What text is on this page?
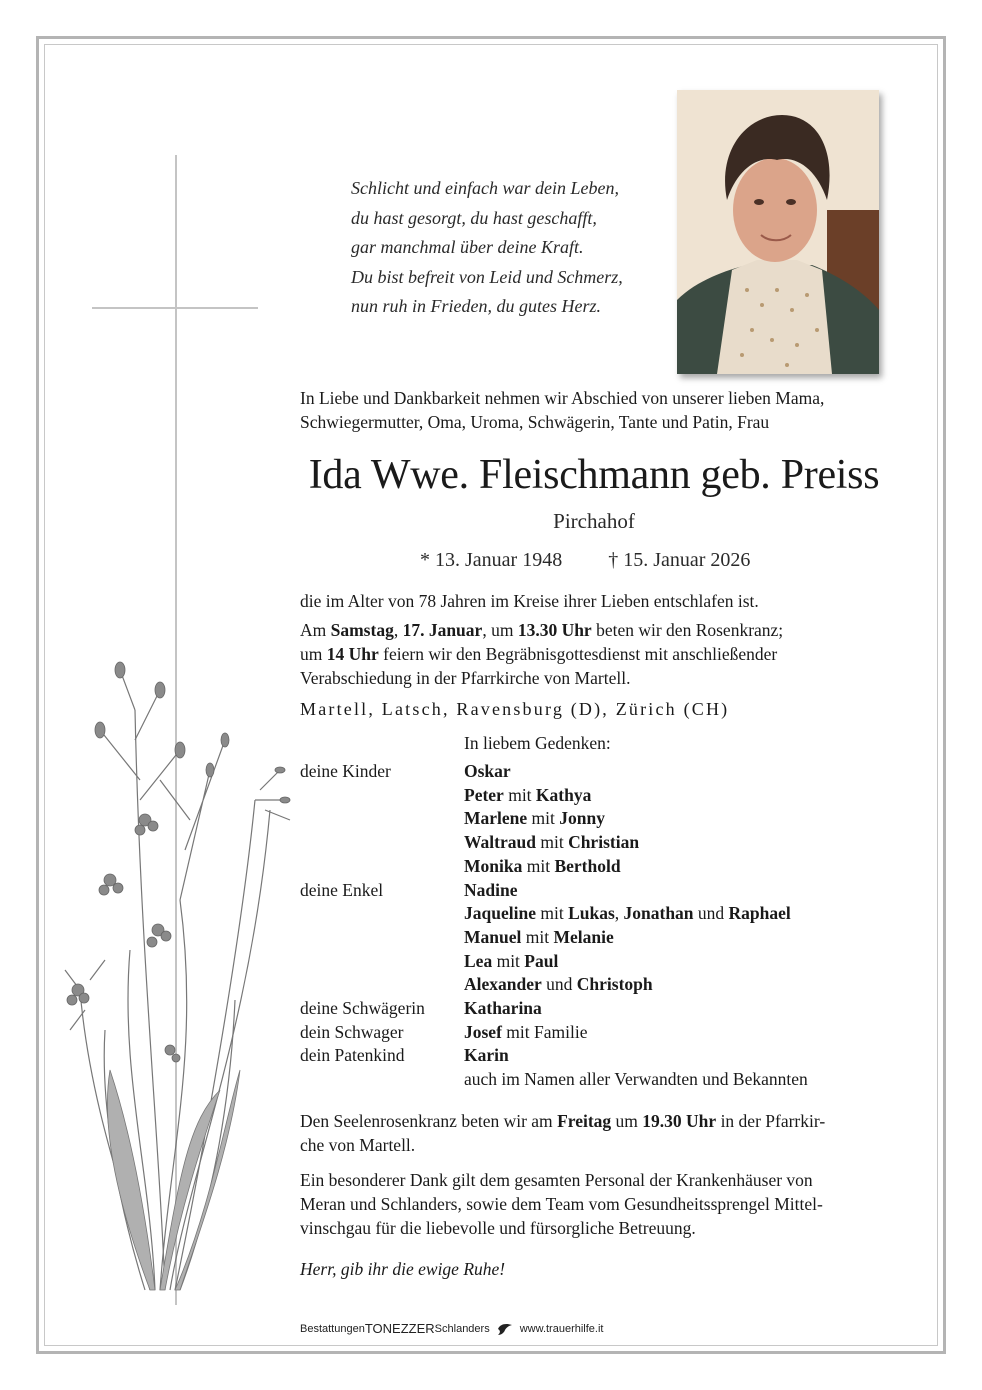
Schlicht und einfach war dein Leben,
du hast gesorgt, du hast geschafft,
gar manchmal über deine Kraft.
Du bist befreit von Leid und Schmerz,
nun ruh in Frieden, du gutes Herz.
In Liebe und Dankbarkeit nehmen wir Abschied von unserer lieben Mama,
Schwiegermutter, Oma, Uroma, Schwägerin, Tante und Patin, Frau
Ida Wwe. Fleischmann geb. Preiss
Pirchahof
* 13. Januar 1948 † 15. Januar 2026
die im Alter von 78 Jahren im Kreise ihrer Lieben entschlafen ist.
Am Samstag, 17. Januar, um 13.30 Uhr beten wir den Rosenkranz;
um 14 Uhr feiern wir den Begräbnisgottesdienst mit anschließender
Verabschiedung in der Pfarrkirche von Martell.
Martell, Latsch, Ravensburg (D), Zürich (CH)
In liebem Gedenken:
deine Kinder	Oskar
Peter mit Kathya
Marlene mit Jonny
Waltraud mit Christian
Monika mit Berthold
deine Enkel	Nadine
Jaqueline mit Lukas, Jonathan und Raphael
Manuel mit Melanie
Lea mit Paul
Alexander und Christoph
deine Schwägerin	Katharina
dein Schwager	Josef mit Familie
dein Patenkind	Karin
auch im Namen aller Verwandten und Bekannten
Den Seelenrosenkranz beten wir am Freitag um 19.30 Uhr in der Pfarrkir-
che von Martell.
Ein besonderer Dank gilt dem gesamten Personal der Krankenhäuser von
Meran und Schlanders, sowie dem Team vom Gesundheitssprengel Mittel-
vinschgau für die liebevolle und fürsorgliche Betreuung.
Herr, gib ihr die ewige Ruhe!
Bestattungen TONEZZER Schlanders	www.trauerhilfe.it
